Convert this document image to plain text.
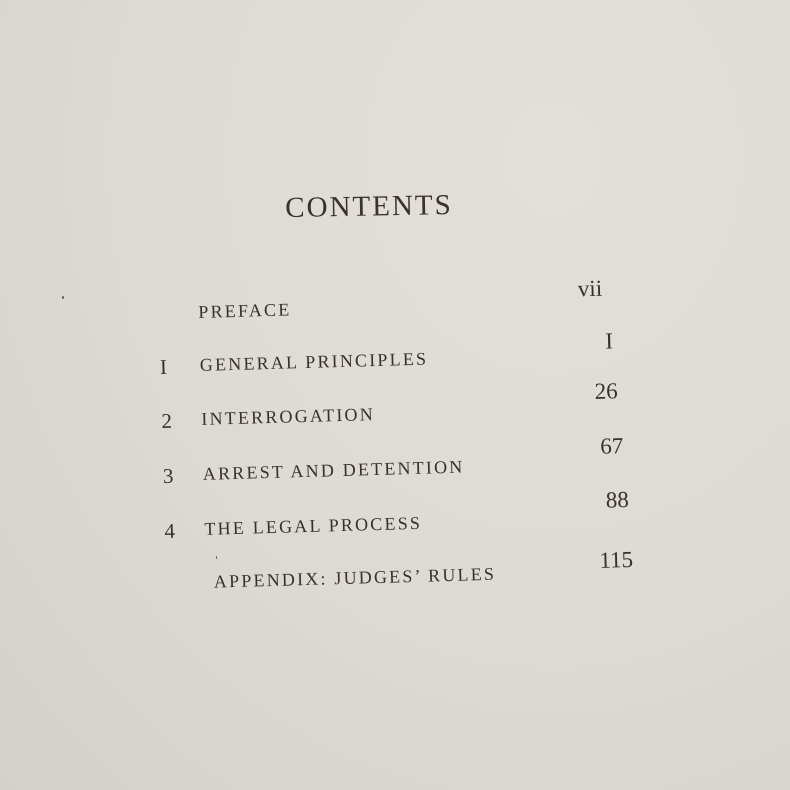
CONTENTS
PREFACE
vii
I GENERAL PRINCIPLES
I
2 INTERROGATION
26
3 ARREST AND DETENTION
67
4 THE LEGAL PROCESS
88
APPENDIX: JUDGES’ RULES
115
